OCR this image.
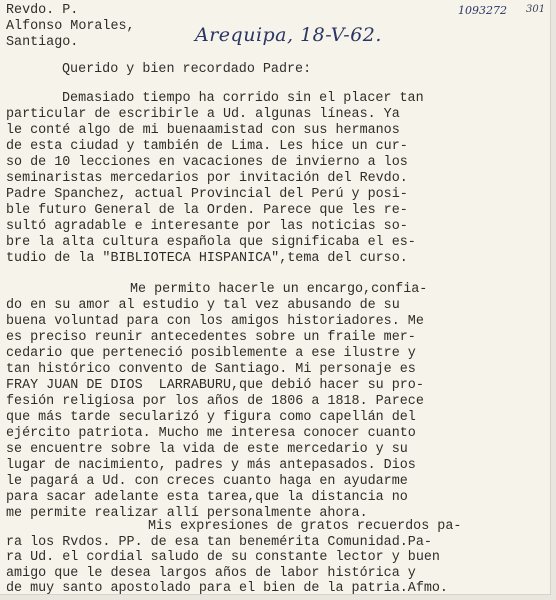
1093272 301
Revdo. P.
Alfonso Morales,
Santiago.	Arequipa, 18-V-62.
Querido y bien recordado Padre:
Demasiado tiempo ha corrido sin el placer tan
particular de escribirle a Ud. algunas líneas. Ya
le conté algo de mi buenaamistad con sus hermanos
de esta ciudad y también de Lima. Les hice un cur-
so de 10 lecciones en vacaciones de invierno a los
seminaristas mercedarios por invitación del Revdo.
Padre Spanchez, actual Provincial del Perú y posi-
ble futuro General de la Orden. Parece que les re-
sultó agradable e interesante por las noticias so-
bre la alta cultura española que significaba el es-
tudio de la "BIBLIOTECA HISPANICA",tema del curso.
Me permito hacerle un encargo,confia-
do en su amor al estudio y tal vez abusando de su
buena voluntad para con los amigos historiadores. Me
es preciso reunir antecedentes sobre un fraile mer-
cedario que perteneció posiblemente a ese ilustre y
tan histórico convento de Santiago. Mi personaje es
FRAY JUAN DE DIOS  LARRABURU,que debió hacer su pro-
fesión religiosa por los años de 1806 a 1818. Parece
que más tarde secularizó y figura como capellán del
ejército patriota. Mucho me interesa conocer cuanto
se encuentre sobre la vida de este mercedario y su
lugar de nacimiento, padres y más antepasados. Dios
le pagará a Ud. con creces cuanto haga en ayudarme
para sacar adelante esta tarea,que la distancia no
me permite realizar allí personalmente ahora.
Mis expresiones de gratos recuerdos pa-
ra los Rvdos. PP. de esa tan benemérita Comunidad.Pa-
ra Ud. el cordial saludo de su constante lector y buen
amigo que le desea largos años de labor histórica y
de muy santo apostolado para el bien de la patria.Afmo.
